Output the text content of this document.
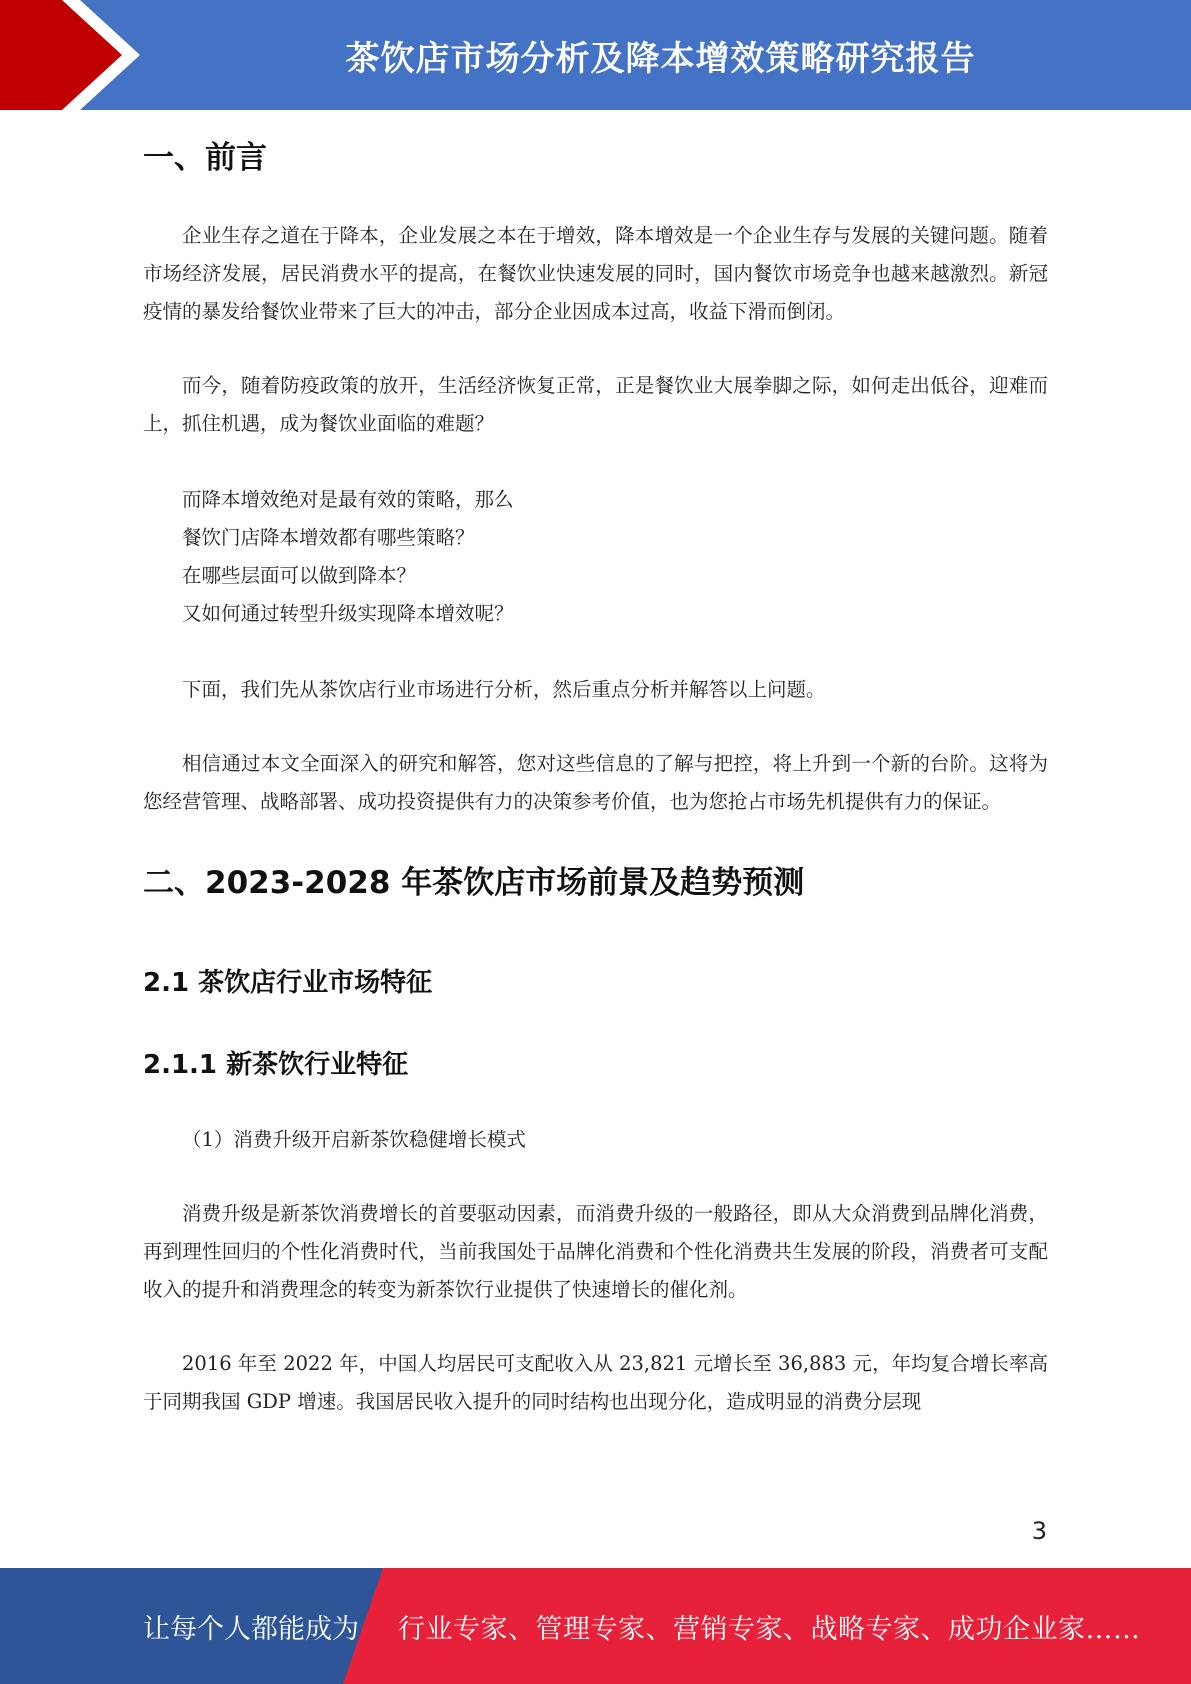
茶饮店市场分析及降本增效策略研究报告
一、前言

企业生存之道在于降本，企业发展之本在于增效，降本增效是一个企业生存与发展的关键问题。随着市场经济发展，居民消费水平的提高，在餐饮业快速发展的同时，国内餐饮市场竞争也越来越激烈。新冠疫情的暴发给餐饮业带来了巨大的冲击，部分企业因成本过高，收益下滑而倒闭。

而今，随着防疫政策的放开，生活经济恢复正常，正是餐饮业大展拳脚之际，如何走出低谷，迎难而上，抓住机遇，成为餐饮业面临的难题？

而降本增效绝对是最有效的策略，那么

餐饮门店降本增效都有哪些策略？

在哪些层面可以做到降本？

又如何通过转型升级实现降本增效呢？

下面，我们先从茶饮店行业市场进行分析，然后重点分析并解答以上问题。

相信通过本文全面深入的研究和解答，您对这些信息的了解与把控，将上升到一个新的台阶。这将为您经营管理、战略部署、成功投资提供有力的决策参考价值，也为您抢占市场先机提供有力的保证。

二、2023-2028 年茶饮店市场前景及趋势预测
2.1 茶饮店行业市场特征
2.1.1 新茶饮行业特征

（1）消费升级开启新茶饮稳健增长模式

消费升级是新茶饮消费增长的首要驱动因素，而消费升级的一般路径，即从大众消费到品牌化消费，再到理性回归的个性化消费时代，当前我国处于品牌化消费和个性化消费共生发展的阶段，消费者可支配收入的提升和消费理念的转变为新茶饮行业提供了快速增长的催化剂。

2016 年至 2022 年，中国人均居民可支配收入从 23,821 元增长至 36,883 元，年均复合增长率高于同期我国 GDP 增速。我国居民收入提升的同时结构也出现分化，造成明显的消费分层现

3
让每个人都能成为 行业专家、管理专家、营销专家、战略专家、成功企业家……
